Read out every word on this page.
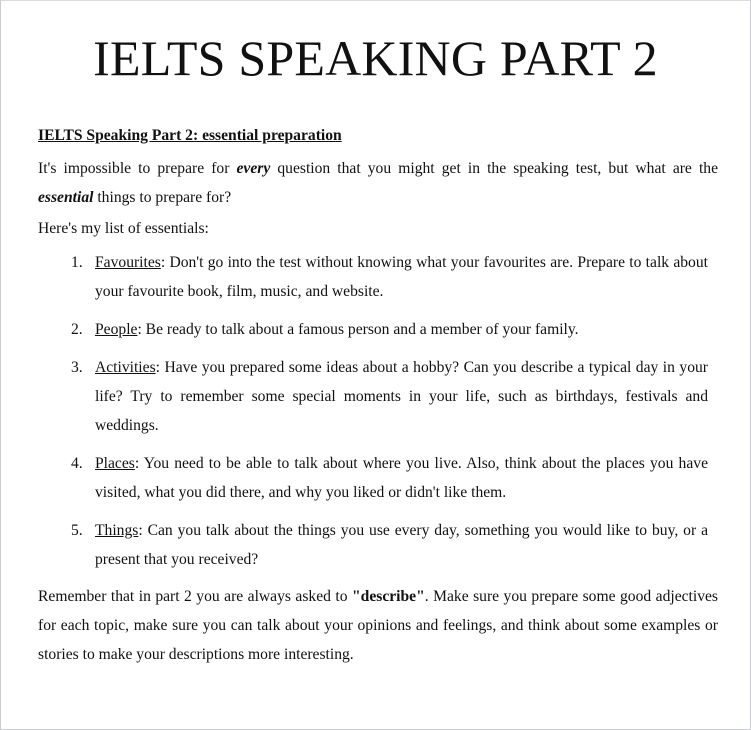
IELTS SPEAKING PART 2
IELTS Speaking Part 2: essential preparation

It's impossible to prepare for every question that you might get in the speaking test, but what are the essential things to prepare for?

Here's my list of essentials:

1. Favourites: Don't go into the test without knowing what your favourites are. Prepare to talk about your favourite book, film, music, and website.
2. People: Be ready to talk about a famous person and a member of your family.
3. Activities: Have you prepared some ideas about a hobby? Can you describe a typical day in your life? Try to remember some special moments in your life, such as birthdays, festivals and weddings.
4. Places: You need to be able to talk about where you live. Also, think about the places you have visited, what you did there, and why you liked or didn't like them.
5. Things: Can you talk about the things you use every day, something you would like to buy, or a present that you received?

Remember that in part 2 you are always asked to "describe". Make sure you prepare some good adjectives for each topic, make sure you can talk about your opinions and feelings, and think about some examples or stories to make your descriptions more interesting.
